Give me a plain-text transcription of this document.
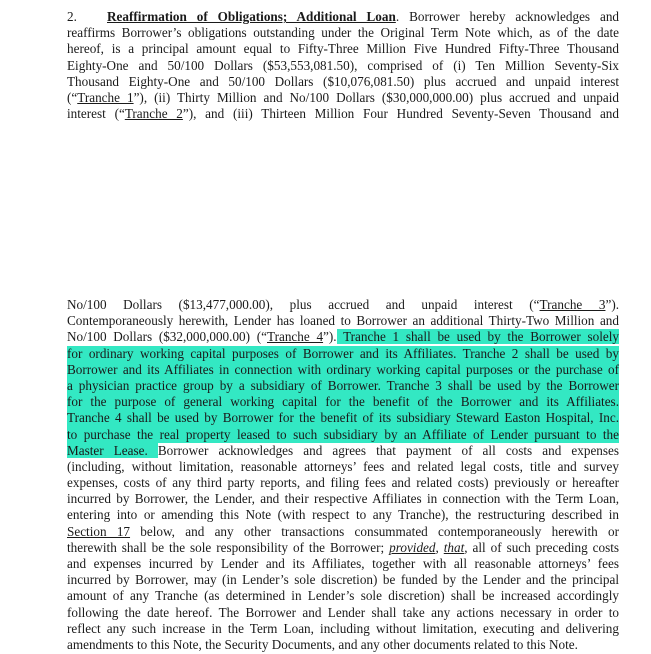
2. Reaffirmation of Obligations; Additional Loan. Borrower hereby acknowledges and
reaffirms Borrower’s obligations outstanding under the Original Term Note which, as of the date
hereof, is a principal amount equal to Fifty-Three Million Five Hundred Fifty-Three Thousand
Eighty-One and 50/100 Dollars ($53,553,081.50), comprised of (i) Ten Million Seventy-Six
Thousand Eighty-One and 50/100 Dollars ($10,076,081.50) plus accrued and unpaid interest
(“Tranche 1”), (ii) Thirty Million and No/100 Dollars ($30,000,000.00) plus accrued and unpaid
interest (“Tranche 2”), and (iii) Thirteen Million Four Hundred Seventy-Seven Thousand and
No/100 Dollars ($13,477,000.00), plus accrued and unpaid interest (“Tranche 3”).
Contemporaneously herewith, Lender has loaned to Borrower an additional Thirty-Two Million and
No/100 Dollars ($32,000,000.00) (“Tranche 4”). Tranche 1 shall be used by the Borrower solely
for ordinary working capital purposes of Borrower and its Affiliates. Tranche 2 shall be used by
Borrower and its Affiliates in connection with ordinary working capital purposes or the purchase of
a physician practice group by a subsidiary of Borrower. Tranche 3 shall be used by the Borrower
for the purpose of general working capital for the benefit of the Borrower and its Affiliates.
Tranche 4 shall be used by Borrower for the benefit of its subsidiary Steward Easton Hospital, Inc.
to purchase the real property leased to such subsidiary by an Affiliate of Lender pursuant to the
Master Lease. Borrower acknowledges and agrees that payment of all costs and expenses
(including, without limitation, reasonable attorneys’ fees and related legal costs, title and survey
expenses, costs of any third party reports, and filing fees and related costs) previously or hereafter
incurred by Borrower, the Lender, and their respective Affiliates in connection with the Term Loan,
entering into or amending this Note (with respect to any Tranche), the restructuring described in
Section 17 below, and any other transactions consummated contemporaneously herewith or
therewith shall be the sole responsibility of the Borrower; provided, that, all of such preceding costs
and expenses incurred by Lender and its Affiliates, together with all reasonable attorneys’ fees
incurred by Borrower, may (in Lender’s sole discretion) be funded by the Lender and the principal
amount of any Tranche (as determined in Lender’s sole discretion) shall be increased accordingly
following the date hereof. The Borrower and Lender shall take any actions necessary in order to
reflect any such increase in the Term Loan, including without limitation, executing and delivering
amendments to this Note, the Security Documents, and any other documents related to this Note.
